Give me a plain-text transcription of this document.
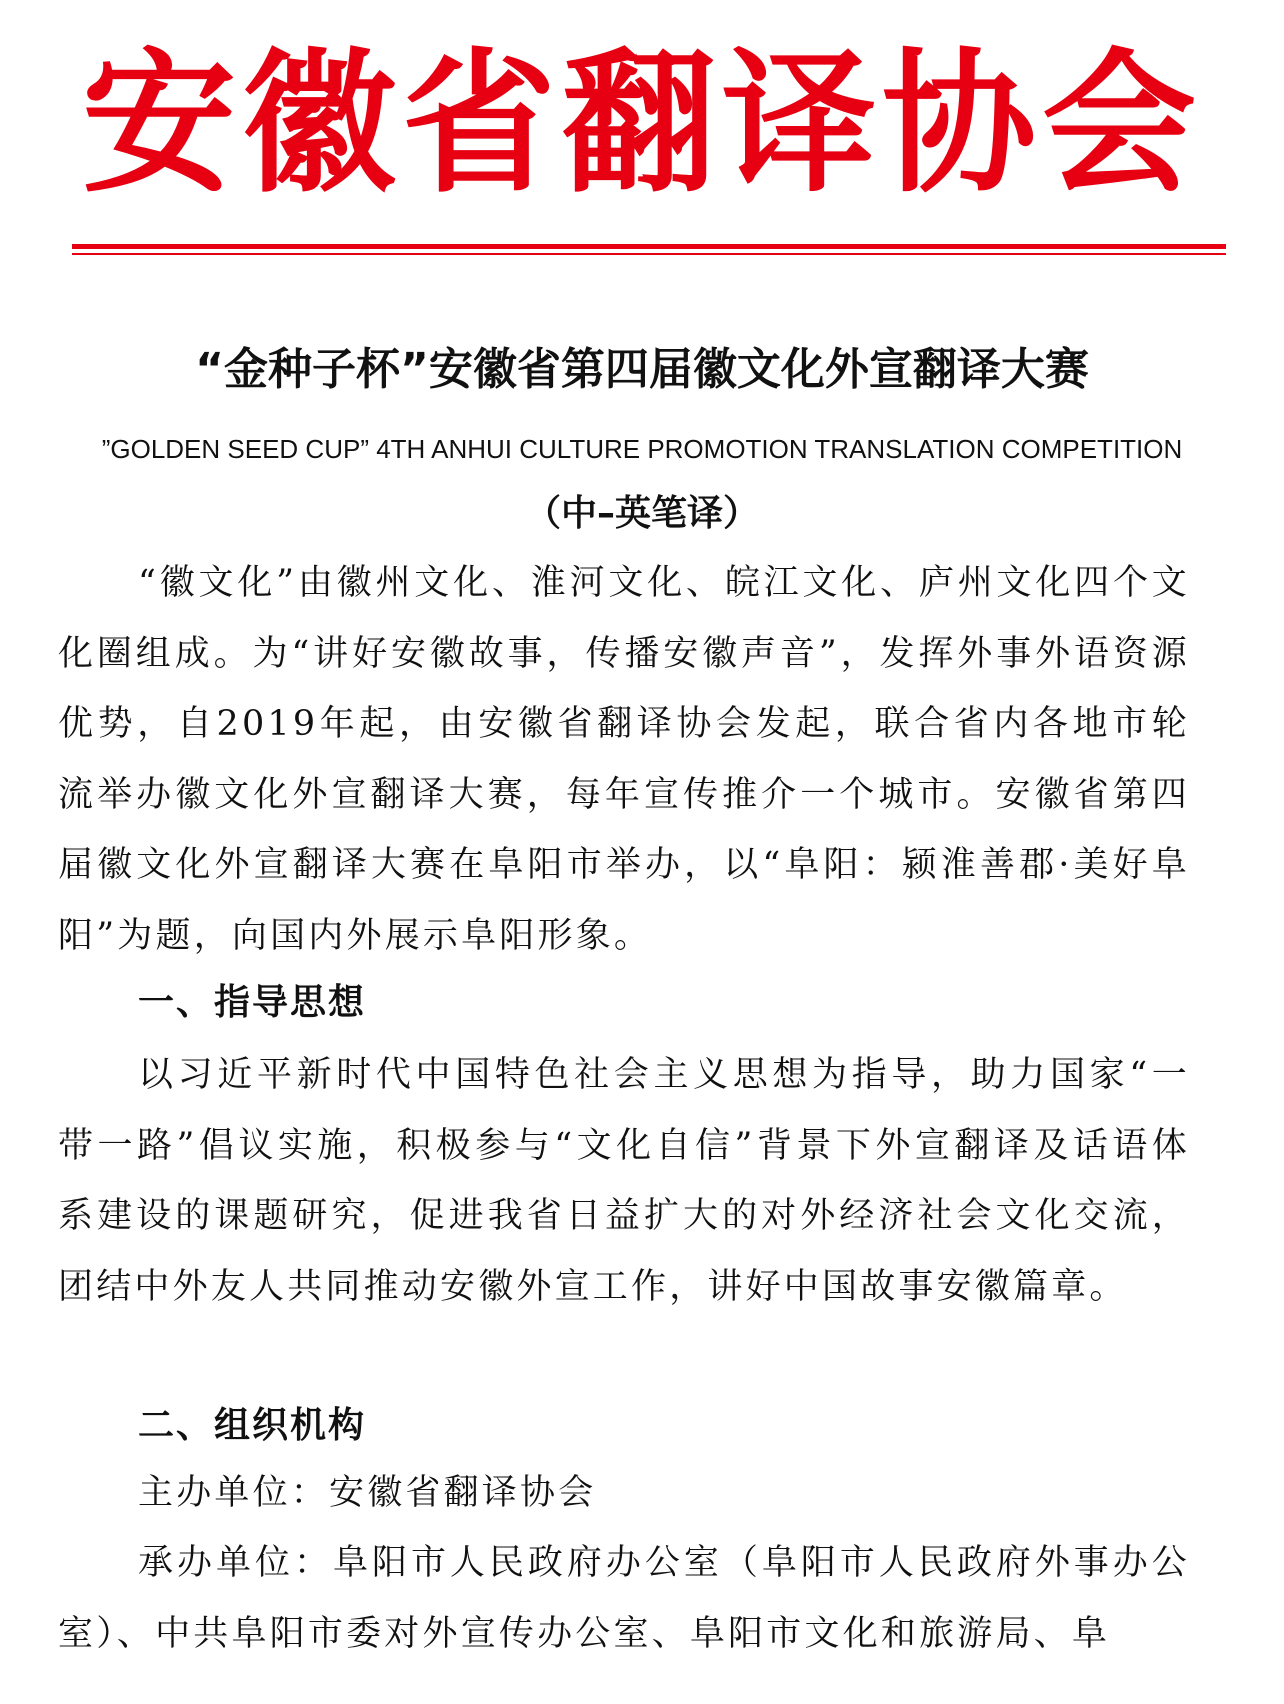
安徽省翻译协会
“金种子杯”安徽省第四届徽文化外宣翻译大赛
”GOLDEN SEED CUP” 4TH ANHUI CULTURE PROMOTION TRANSLATION COMPETITION
（中–英笔译）
“徽文化”由徽州文化、淮河文化、皖江文化、庐州文化四个文化圈组成。为“讲好安徽故事，传播安徽声音”，发挥外事外语资源优势，自2019年起，由安徽省翻译协会发起，联合省内各地市轮流举办徽文化外宣翻译大赛，每年宣传推介一个城市。安徽省第四届徽文化外宣翻译大赛在阜阳市举办，以“阜阳：颍淮善郡·美好阜阳”为题，向国内外展示阜阳形象。
一、指导思想
以习近平新时代中国特色社会主义思想为指导，助力国家“一带一路”倡议实施，积极参与“文化自信”背景下外宣翻译及话语体系建设的课题研究，促进我省日益扩大的对外经济社会文化交流，团结中外友人共同推动安徽外宣工作，讲好中国故事安徽篇章。
二、组织机构
主办单位：安徽省翻译协会
承办单位：阜阳市人民政府办公室（阜阳市人民政府外事办公室）、中共阜阳市委对外宣传办公室、阜阳市文化和旅游局、阜
